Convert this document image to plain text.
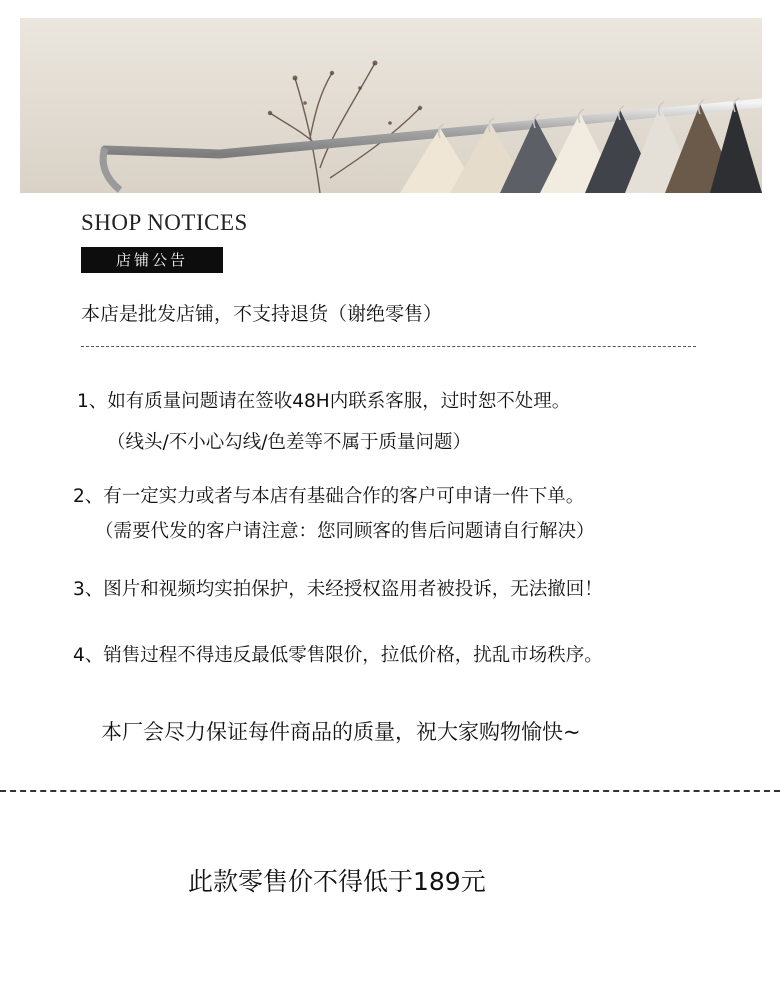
SHOP NOTICES
店铺公告
本店是批发店铺，不支持退货（谢绝零售）
1、如有质量问题请在签收48H内联系客服，过时恕不处理。
（线头/不小心勾线/色差等不属于质量问题）
2、有一定实力或者与本店有基础合作的客户可申请一件下单。
（需要代发的客户请注意：您同顾客的售后问题请自行解决）
3、图片和视频均实拍保护，未经授权盗用者被投诉，无法撤回！
4、销售过程不得违反最低零售限价，拉低价格，扰乱市场秩序。
本厂会尽力保证每件商品的质量，祝大家购物愉快~
此款零售价不得低于189元
